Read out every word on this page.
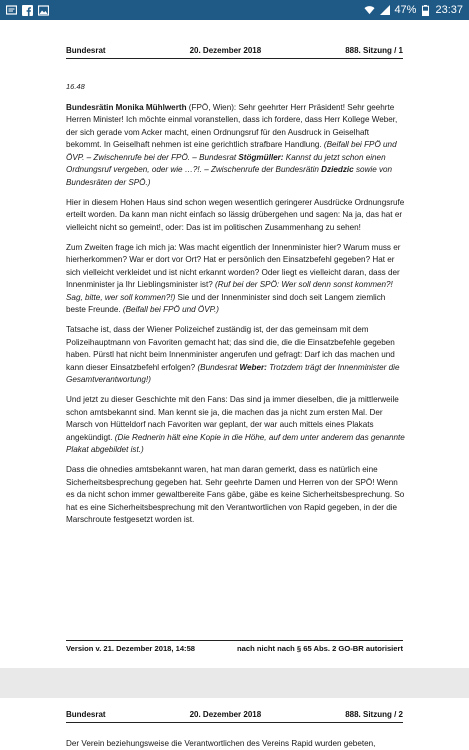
47% 23:37
Bundesrat	20. Dezember 2018	888. Sitzung / 1
16.48

Bundesrätin Monika Mühlwerth (FPÖ, Wien): Sehr geehrter Herr Präsident! Sehr geehrte Herren Minister! Ich möchte einmal voranstellen, dass ich fordere, dass Herr Kollege Weber, der sich gerade vom Acker macht, einen Ordnungsruf für den Ausdruck in Geiselhaft bekommt. In Geiselhaft nehmen ist eine gerichtlich strafbare Handlung. (Beifall bei FPÖ und ÖVP. – Zwischenrufe bei der FPÖ. – Bundesrat Stögmüller: Kannst du jetzt schon einen Ordnungsruf vergeben, oder wie …?!. – Zwischenrufe der Bundesrätin Dziedzic sowie von Bundesräten der SPÖ.)

Hier in diesem Hohen Haus sind schon wegen wesentlich geringerer Ausdrücke Ordnungsrufe erteilt worden. Da kann man nicht einfach so lässig drübergehen und sagen: Na ja, das hat er vielleicht nicht so gemeint!, oder: Das ist im politischen Zusammenhang zu sehen!

Zum Zweiten frage ich mich ja: Was macht eigentlich der Innenminister hier? Warum muss er hierherkommen? War er dort vor Ort? Hat er persönlich den Einsatzbefehl gegeben? Hat er sich vielleicht verkleidet und ist nicht erkannt worden? Oder liegt es vielleicht daran, dass der Innenminister ja Ihr Lieblingsminister ist? (Ruf bei der SPÖ: Wer soll denn sonst kommen?! Sag, bitte, wer soll kommen?!) Sie und der Innenminister sind doch seit Langem ziemlich beste Freunde. (Beifall bei FPÖ und ÖVP.)

Tatsache ist, dass der Wiener Polizeichef zuständig ist, der das gemeinsam mit dem Polizeihauptmann von Favoriten gemacht hat; das sind die, die die Einsatzbefehle gegeben haben. Pürstl hat nicht beim Innenminister angerufen und gefragt: Darf ich das machen und kann dieser Einsatzbefehl erfolgen? (Bundesrat Weber: Trotzdem trägt der Innenminister die Gesamtverantwortung!)

Und jetzt zu dieser Geschichte mit den Fans: Das sind ja immer dieselben, die ja mittlerweile schon amtsbekannt sind. Man kennt sie ja, die machen das ja nicht zum ersten Mal. Der Marsch von Hütteldorf nach Favoriten war geplant, der war auch mittels eines Plakats angekündigt. (Die Rednerin hält eine Kopie in die Höhe, auf dem unter anderem das genannte Plakat abgebildet ist.)

Dass die ohnedies amtsbekannt waren, hat man daran gemerkt, dass es natürlich eine Sicherheitsbesprechung gegeben hat. Sehr geehrte Damen und Herren von der SPÖ! Wenn es da nicht schon immer gewaltbereite Fans gäbe, gäbe es keine Sicherheitsbesprechung. So hat es eine Sicherheitsbesprechung mit den Verantwortlichen von Rapid gegeben, in der die Marschroute festgesetzt worden ist.

Version v. 21. Dezember 2018, 14:58	nach nicht nach § 65 Abs. 2 GO-BR autorisiert
Bundesrat	20. Dezember 2018	888. Sitzung / 2

Der Verein beziehungsweise die Verantwortlichen des Vereins Rapid wurden gebeten,
